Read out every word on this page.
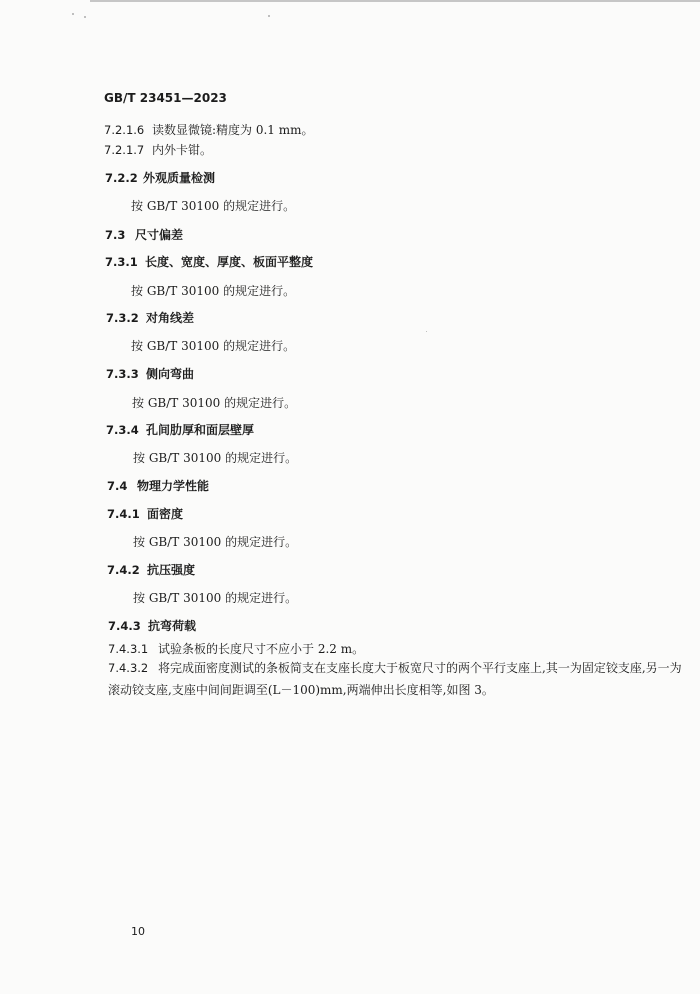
GB/T 23451—2023
7.2.1.6 读数显微镜:精度为 0.1 mm。
7.2.1.7 内外卡钳。
7.2.2 外观质量检测
按 GB/T 30100 的规定进行。
7.3 尺寸偏差
7.3.1 长度、宽度、厚度、板面平整度
按 GB/T 30100 的规定进行。
7.3.2 对角线差
按 GB/T 30100 的规定进行。
7.3.3 侧向弯曲
按 GB/T 30100 的规定进行。
7.3.4 孔间肋厚和面层壁厚
按 GB/T 30100 的规定进行。
7.4 物理力学性能
7.4.1 面密度
按 GB/T 30100 的规定进行。
7.4.2 抗压强度
按 GB/T 30100 的规定进行。
7.4.3 抗弯荷载
7.4.3.1 试验条板的长度尺寸不应小于 2.2 m。
7.4.3.2 将完成面密度测试的条板简支在支座长度大于板宽尺寸的两个平行支座上,其一为固定铰支座,另一为滚动铰支座,支座中间间距调至(L－100)mm,两端伸出长度相等,如图 3。
10
